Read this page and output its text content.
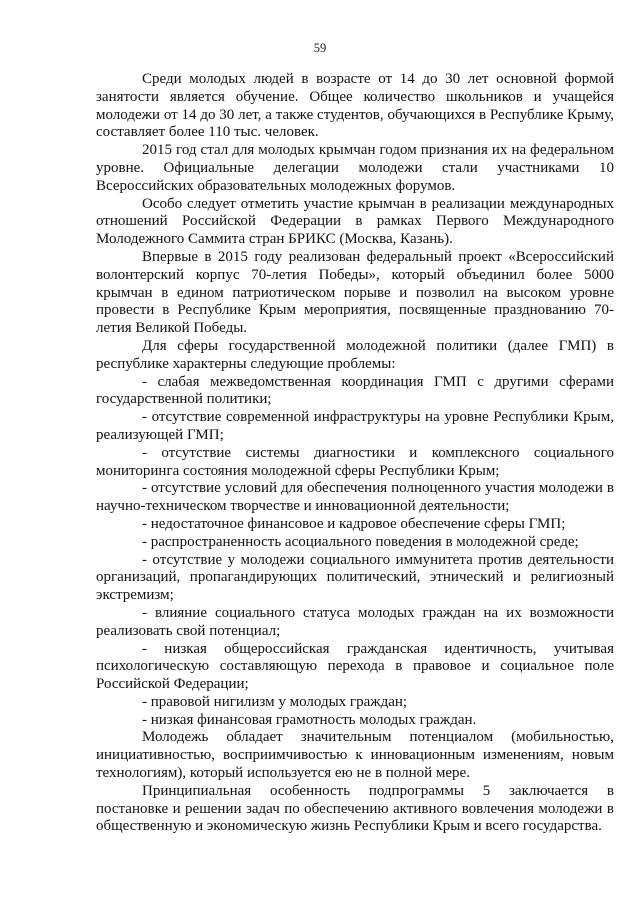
59

Среди молодых людей в возрасте от 14 до 30 лет основной формой занятости является обучение. Общее количество школьников и учащейся молодежи от 14 до 30 лет, а также студентов, обучающихся в Республике Крыму, составляет более 110 тыс. человек.

2015 год стал для молодых крымчан годом признания их на федеральном уровне. Официальные делегации молодежи стали участниками 10 Всероссийских образовательных молодежных форумов.

Особо следует отметить участие крымчан в реализации международных отношений Российской Федерации в рамках Первого Международного Молодежного Саммита стран БРИКС (Москва, Казань).

Впервые в 2015 году реализован федеральный проект «Всероссийский волонтерский корпус 70-летия Победы», который объединил более 5000 крымчан в едином патриотическом порыве и позволил на высоком уровне провести в Республике Крым мероприятия, посвященные празднованию 70-летия Великой Победы.

Для сферы государственной молодежной политики (далее ГМП) в республике характерны следующие проблемы:

- слабая межведомственная координация ГМП с другими сферами государственной политики;

- отсутствие современной инфраструктуры на уровне Республики Крым, реализующей ГМП;

- отсутствие системы диагностики и комплексного социального мониторинга состояния молодежной сферы Республики Крым;

- отсутствие условий для обеспечения полноценного участия молодежи в научно-техническом творчестве и инновационной деятельности;

- недостаточное финансовое и кадровое обеспечение сферы ГМП;

- распространенность асоциального поведения в молодежной среде;

- отсутствие у молодежи социального иммунитета против деятельности организаций, пропагандирующих политический, этнический и религиозный экстремизм;

- влияние социального статуса молодых граждан на их возможности реализовать свой потенциал;

- низкая общероссийская гражданская идентичность, учитывая психологическую составляющую перехода в правовое и социальное поле Российской Федерации;

- правовой нигилизм у молодых граждан;

- низкая финансовая грамотность молодых граждан.

Молодежь обладает значительным потенциалом (мобильностью, инициативностью, восприимчивостью к инновационным изменениям, новым технологиям), который используется ею не в полной мере.

Принципиальная особенность подпрограммы 5 заключается в постановке и решении задач по обеспечению активного вовлечения молодежи в общественную и экономическую жизнь Республики Крым и всего государства.
